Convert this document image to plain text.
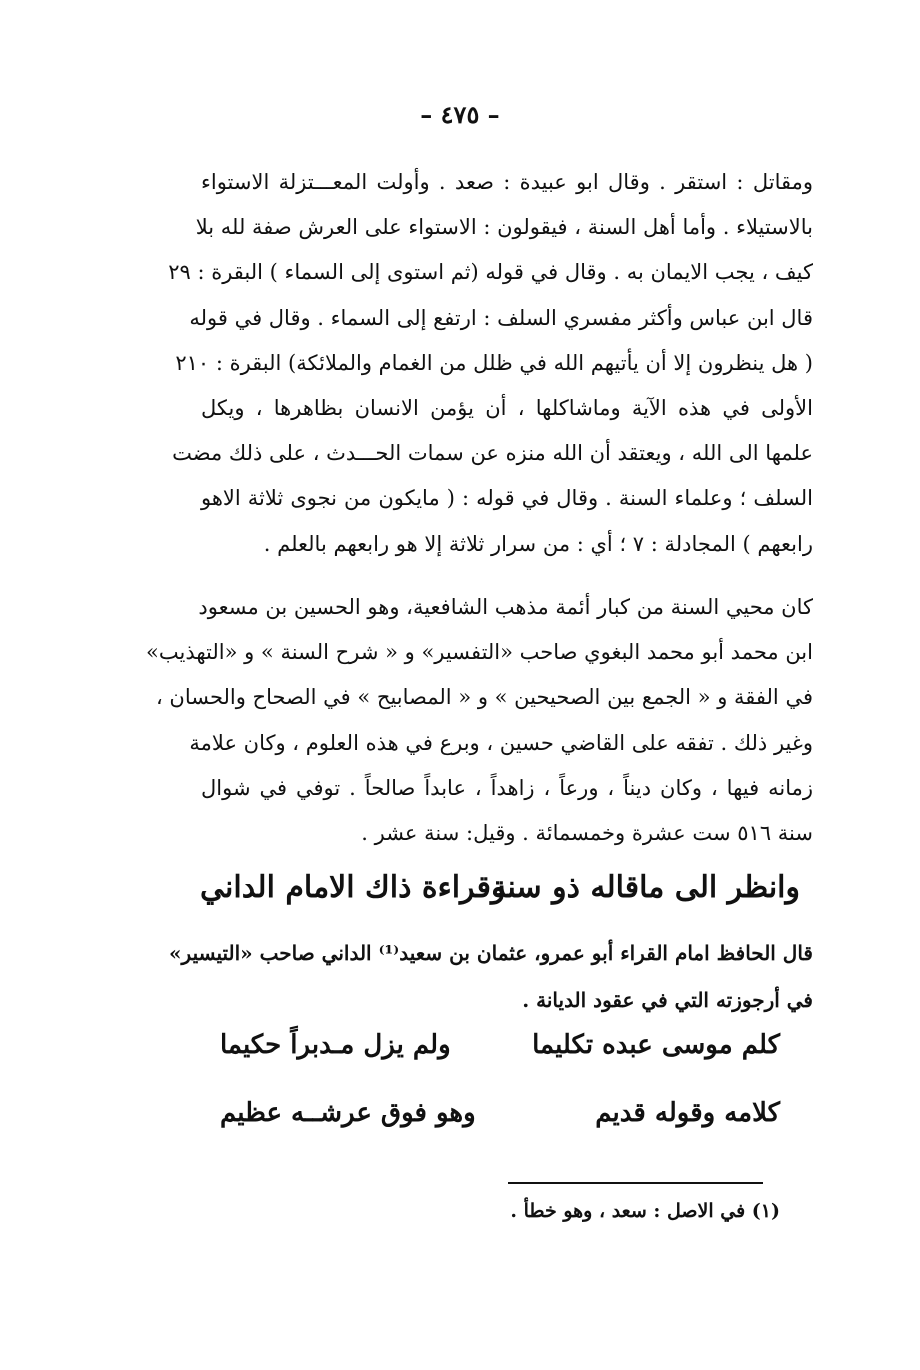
– ٤٧٥ –
ومقاتل : استقر . وقال ابو عبيدة : صعد . وأولت المعـــتزلة الاستواء
بالاستيلاء . وأما أهل السنة ، فيقولون : الاستواء على العرش صفة لله بلا
كيف ، يجب الايمان به . وقال في قوله (ثم استوى إلى السماء ) البقرة : ٢٩
قال ابن عباس وأكثر مفسري السلف : ارتفع إلى السماء . وقال في قوله
( هل ينظرون إلا أن يأتيهم الله في ظلل من الغمام والملائكة) البقرة : ٢١٠
الأولى في هذه الآية وماشاكلها ، أن يؤمن الانسان بظاهرها ، ويكل
علمها الى الله ، ويعتقد أن الله منزه عن سمات الحـــدث ، على ذلك مضت
السلف ؛ وعلماء السنة . وقال في قوله : ( مايكون من نجوى ثلاثة الاهو
رابعهم ) المجادلة : ٧ ؛ أي : من سرار ثلاثة إلا هو رابعهم بالعلم .
كان محيي السنة من كبار أئمة مذهب الشافعية، وهو الحسين بن مسعود
ابن محمد أبو محمد البغوي صاحب «التفسير» و « شرح السنة » و «التهذيب»
في الفقة و « الجمع بين الصحيحين » و « المصابيح » في الصحاح والحسان ،
وغير ذلك . تفقه على القاضي حسين ، وبرع في هذه العلوم ، وكان علامة
زمانه فيها ، وكان ديناً ، ورعاً ، زاهداً ، عابداً صالحاً . توفي في شوال
سنة ٥١٦ ست عشرة وخمسمائة . وقيل: سنة عشر .
وانظر الى ماقاله ذو سنة
وقراءة ذاك الامام الداني
قال الحافظ امام القراء أبو عمرو، عثمان بن سعيد⁽¹⁾ الداني صاحب «التيسير»
في أرجوزته التي في عقود الديانة .
كلم موسى عبده تكليما
ولم يزل مـدبراً حكيما
كلامه وقوله قديم
وهو فوق عرشــه عظيم
(١) في الاصل : سعد ، وهو خطأ .
